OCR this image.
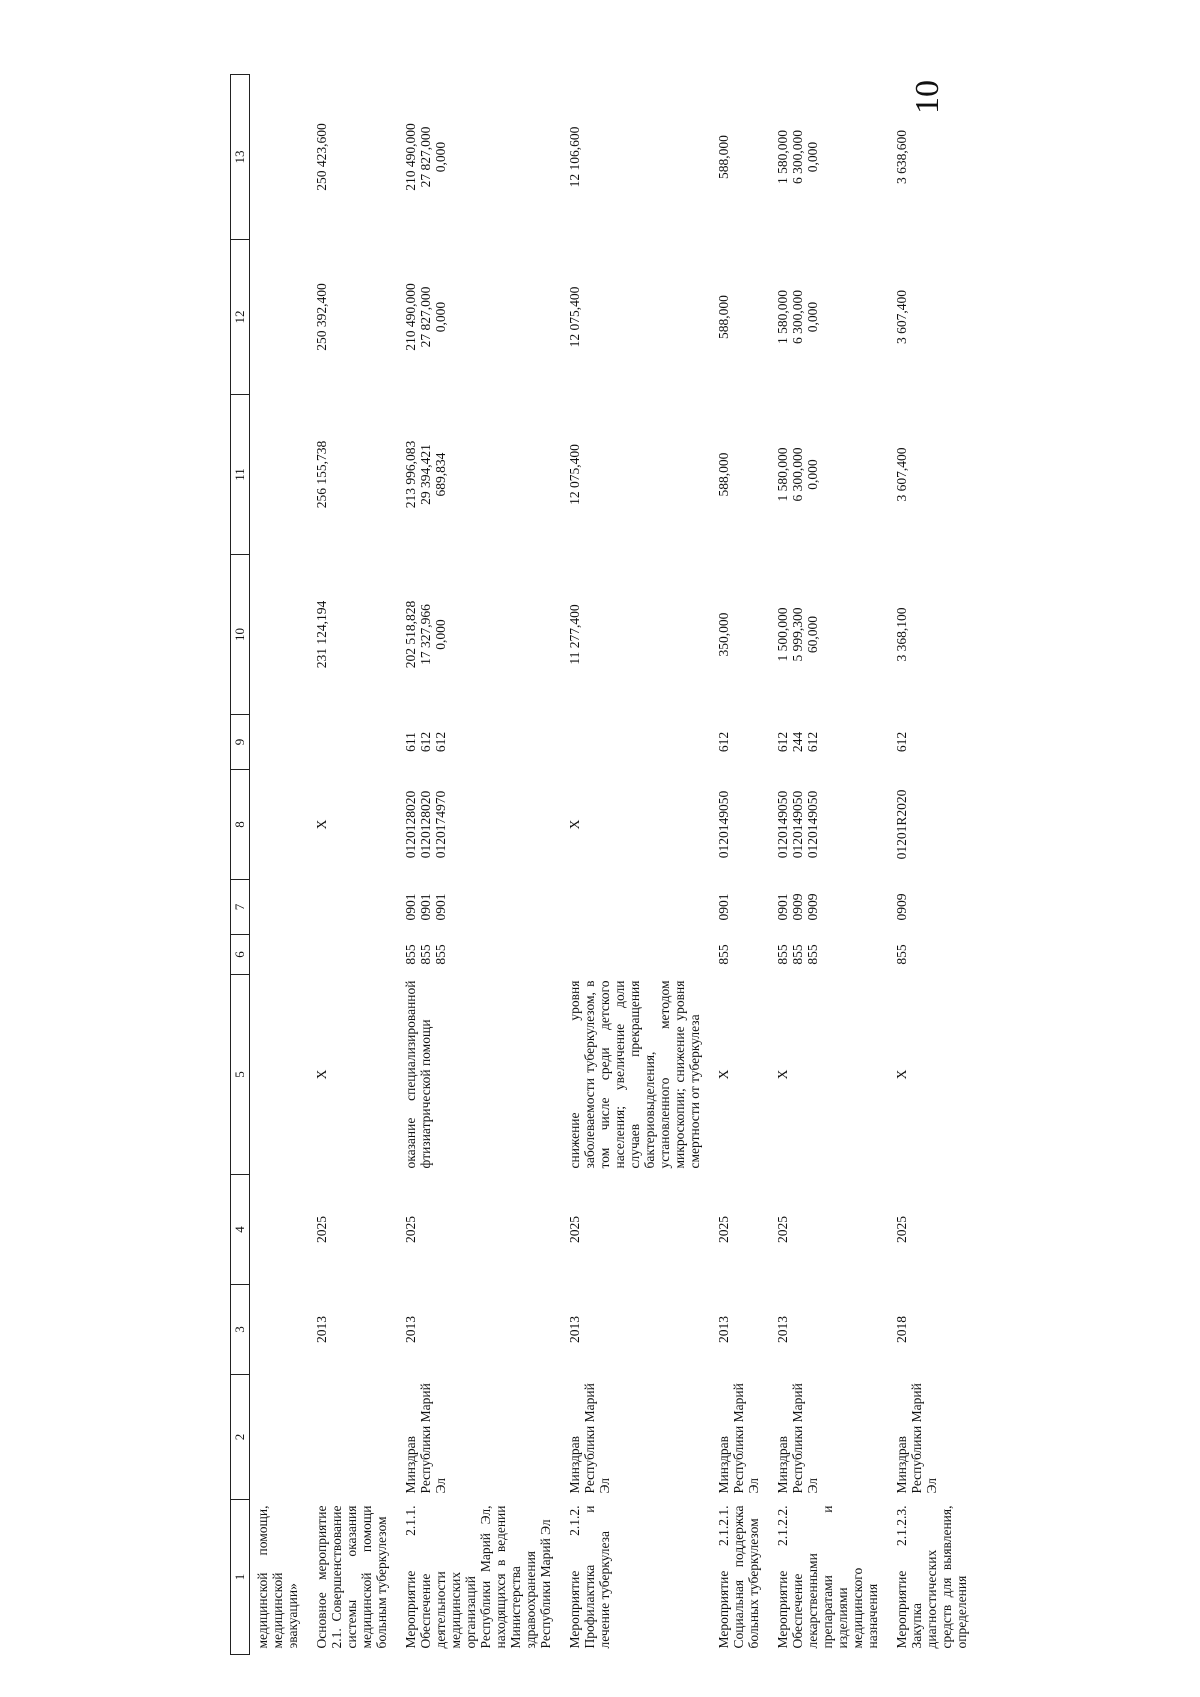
10
1	2	3	4	5	6	7	8	9	10	11	12	13
медицинской помощи, медицинской эвакуации»												
Основное мероприятие 2.1. Совершенствование системы оказания медицинской помощи больным туберкулезом		2013	2025	X			X		231 124,194	256 155,738	250 392,400	250 423,600

Мероприятие 2.1.1. Обеспечение деятельности медицинских организаций Республики Марий Эл, находящихся в ведении Министерства здравоохранения Республики Марий Эл	Минздрав Республики Марий Эл	2013	2025	оказание специализированной фтизиатрической помощи	855 855 855	0901 0901 0901	0120128020 0120128020 0120174970	611 612 612	202 518,828 17 327,966 0,000	213 996,083 29 394,421 689,834	210 490,000 27 827,000 0,000	210 490,000 27 827,000 0,000

Мероприятие 2.1.2. Профилактика и лечение туберкулеза	Минздрав Республики Марий Эл	2013	2025	снижение уровня заболеваемости туберкулезом, в том числе среди детского населения; увеличение доли случаев прекращения бактериовыделения, установленного методом микроскопии; снижение уровня смертности от туберкулеза			X		11 277,400	12 075,400	12 075,400	12 106,600

Мероприятие 2.1.2.1. Социальная поддержка больных туберкулезом	Минздрав Республики Марий Эл	2013	2025	X	855	0901	0120149050	612	350,000	588,000	588,000	588,000

Мероприятие 2.1.2.2. Обеспечение лекарственными препаратами и изделиями медицинского назначения	Минздрав Республики Марий Эл	2013	2025	X	855 855 855	0901 0909 0909	0120149050 0120149050 0120149050	612 244 612	1 500,000 5 999,300 60,000	1 580,000 6 300,000 0,000	1 580,000 6 300,000 0,000	1 580,000 6 300,000 0,000

Мероприятие 2.1.2.3. Закупка диагностических средств для выявления, определения	Минздрав Республики Марий Эл	2018	2025	X	855	0909	01201R2020	612	3 368,100	3 607,400	3 607,400	3 638,600
